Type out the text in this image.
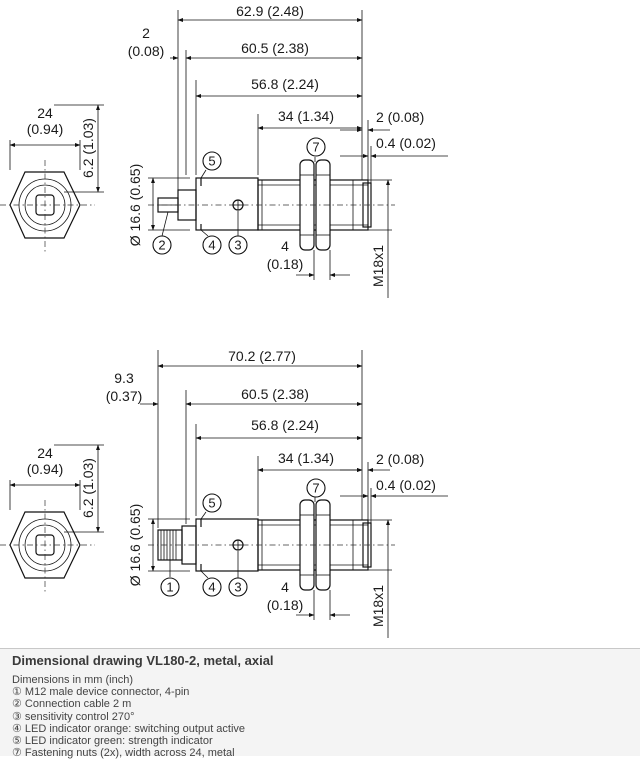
24
(0.94) 6.2 (1.03)
Ø 16.6 (0.65)
62.9 (2.48)
2
(0.08)	60.5 (2.38)
56.8 (2.24)
34 (1.34)	2 (0.08)
0.4 (0.02)
4
(0.18)	M18x1
5
7
2	4 3
24
(0.94) 6.2 (1.03)
Ø 16.6 (0.65)
70.2 (2.77)
9.3
(0.37)	60.5 (2.38)
56.8 (2.24)
34 (1.34)	2 (0.08)
0.4 (0.02)
4
(0.18)	M18x1
5
7
1	4 3
Dimensional drawing VL180-2, metal, axial
Dimensions in mm (inch)
① M12 male device connector, 4-pin
② Connection cable 2 m
③ sensitivity control 270°
④ LED indicator orange: switching output active
⑤ LED indicator green: strength indicator
⑦ Fastening nuts (2x), width across 24, metal
